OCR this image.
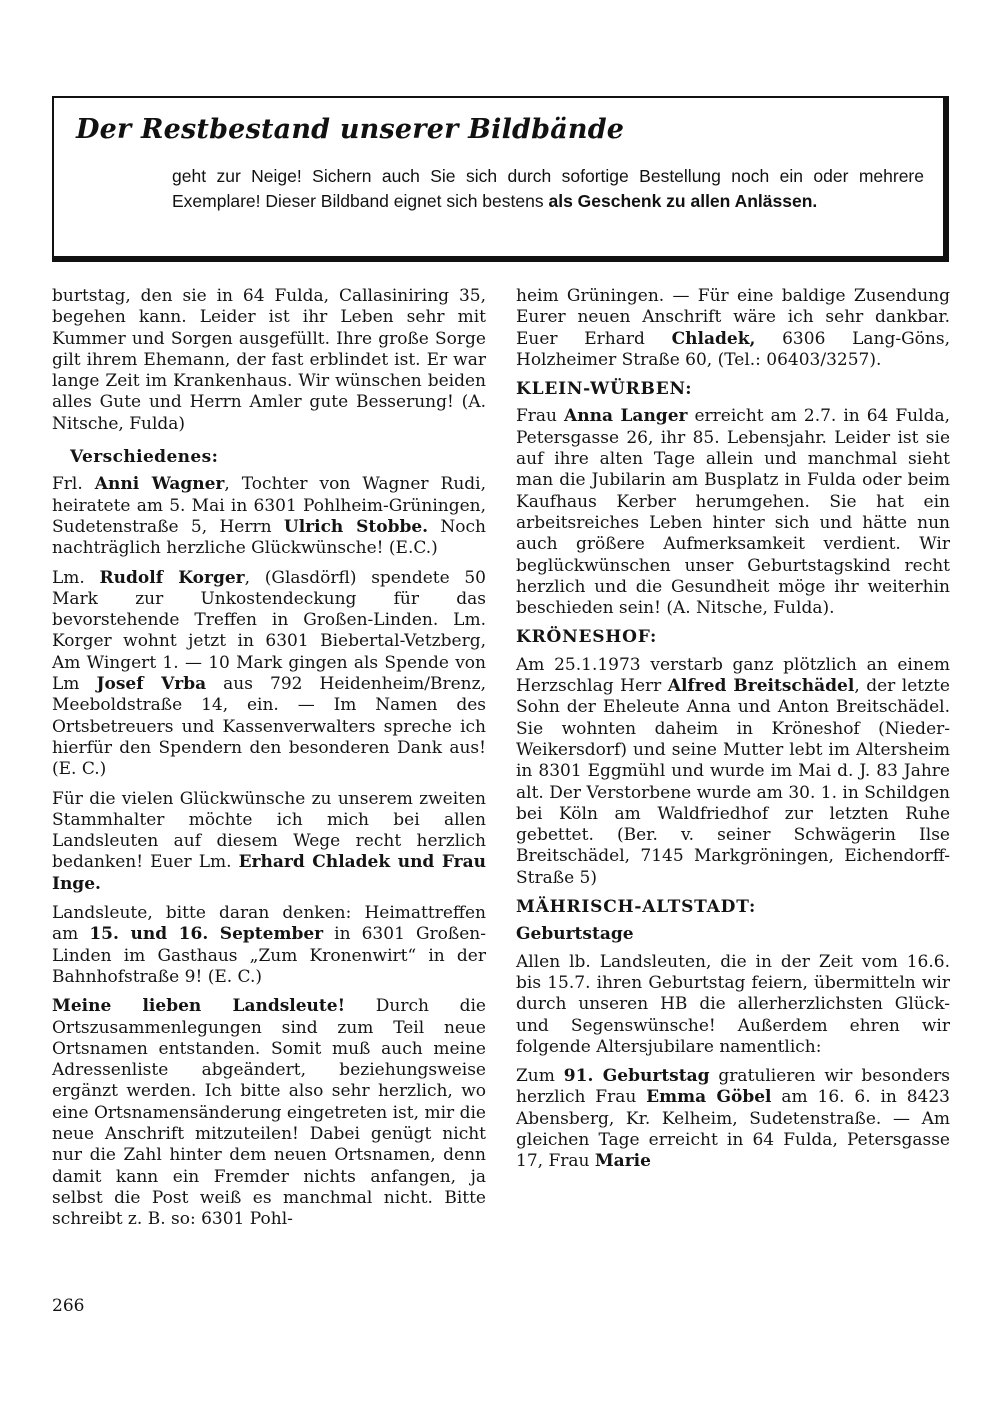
Der Restbestand unserer Bildbände
geht zur Neige! Sichern auch Sie sich durch sofortige Bestellung noch ein oder mehrere Exemplare! Dieser Bildband eignet sich bestens als Geschenk zu allen Anlässen.

burtstag, den sie in 64 Fulda, Callasiniring 35, begehen kann. Leider ist ihr Leben sehr mit Kummer und Sorgen ausgefüllt. Ihre große Sorge gilt ihrem Ehemann, der fast erblindet ist. Er war lange Zeit im Krankenhaus. Wir wünschen beiden alles Gute und Herrn Amler gute Besserung! (A. Nitsche, Fulda)

Verschiedenes:

Frl. Anni Wagner, Tochter von Wagner Rudi, heiratete am 5. Mai in 6301 Pohlheim-Grüningen, Sudetenstraße 5, Herrn Ulrich Stobbe. Noch nachträglich herzliche Glückwünsche! (E.C.)

Lm. Rudolf Korger, (Glasdörfl) spendete 50 Mark zur Unkostendeckung für das bevorstehende Treffen in Großen-Linden. Lm. Korger wohnt jetzt in 6301 Biebertal-Vetzberg, Am Wingert 1. — 10 Mark gingen als Spende von Lm Josef Vrba aus 792 Heidenheim/Brenz, Meeboldstraße 14, ein. — Im Namen des Ortsbetreuers und Kassenverwalters spreche ich hierfür den Spendern den besonderen Dank aus! (E. C.)

Für die vielen Glückwünsche zu unserem zweiten Stammhalter möchte ich mich bei allen Landsleuten auf diesem Wege recht herzlich bedanken! Euer Lm. Erhard Chladek und Frau Inge.

Landsleute, bitte daran denken: Heimattreffen am 15. und 16. September in 6301 Großen-Linden im Gasthaus „Zum Kronenwirt“ in der Bahnhofstraße 9! (E. C.)

Meine lieben Landsleute! Durch die Ortszusammenlegungen sind zum Teil neue Ortsnamen entstanden. Somit muß auch meine Adressenliste abgeändert, beziehungsweise ergänzt werden. Ich bitte also sehr herzlich, wo eine Ortsnamensänderung eingetreten ist, mir die neue Anschrift mitzuteilen! Dabei genügt nicht nur die Zahl hinter dem neuen Ortsnamen, denn damit kann ein Fremder nichts anfangen, ja selbst die Post weiß es manchmal nicht. Bitte schreibt z. B. so: 6301 Pohl-

heim Grüningen. — Für eine baldige Zusendung Eurer neuen Anschrift wäre ich sehr dankbar. Euer Erhard Chladek, 6306 Lang-Göns, Holzheimer Straße 60, (Tel.: 06403/3257).

KLEIN-WÜRBEN:

Frau Anna Langer erreicht am 2.7. in 64 Fulda, Petersgasse 26, ihr 85. Lebensjahr. Leider ist sie auf ihre alten Tage allein und manchmal sieht man die Jubilarin am Busplatz in Fulda oder beim Kaufhaus Kerber herumgehen. Sie hat ein arbeitsreiches Leben hinter sich und hätte nun auch größere Aufmerksamkeit verdient. Wir beglückwünschen unser Geburtstagskind recht herzlich und die Gesundheit möge ihr weiterhin beschieden sein! (A. Nitsche, Fulda).

KRÖNESHOF:

Am 25.1.1973 verstarb ganz plötzlich an einem Herzschlag Herr Alfred Breitschädel, der letzte Sohn der Eheleute Anna und Anton Breitschädel. Sie wohnten daheim in Kröneshof (Nieder-Weikersdorf) und seine Mutter lebt im Altersheim in 8301 Eggmühl und wurde im Mai d. J. 83 Jahre alt. Der Verstorbene wurde am 30. 1. in Schildgen bei Köln am Waldfriedhof zur letzten Ruhe gebettet. (Ber. v. seiner Schwägerin Ilse Breitschädel, 7145 Markgröningen, Eichendorff-Straße 5)

MÄHRISCH-ALTSTADT:
Geburtstage

Allen lb. Landsleuten, die in der Zeit vom 16.6. bis 15.7. ihren Geburtstag feiern, übermitteln wir durch unseren HB die allerherzlichsten Glück- und Segenswünsche! Außerdem ehren wir folgende Altersjubilare namentlich:

Zum 91. Geburtstag gratulieren wir besonders herzlich Frau Emma Göbel am 16. 6. in 8423 Abensberg, Kr. Kelheim, Sudetenstraße. — Am gleichen Tage erreicht in 64 Fulda, Petersgasse 17, Frau Marie

266
